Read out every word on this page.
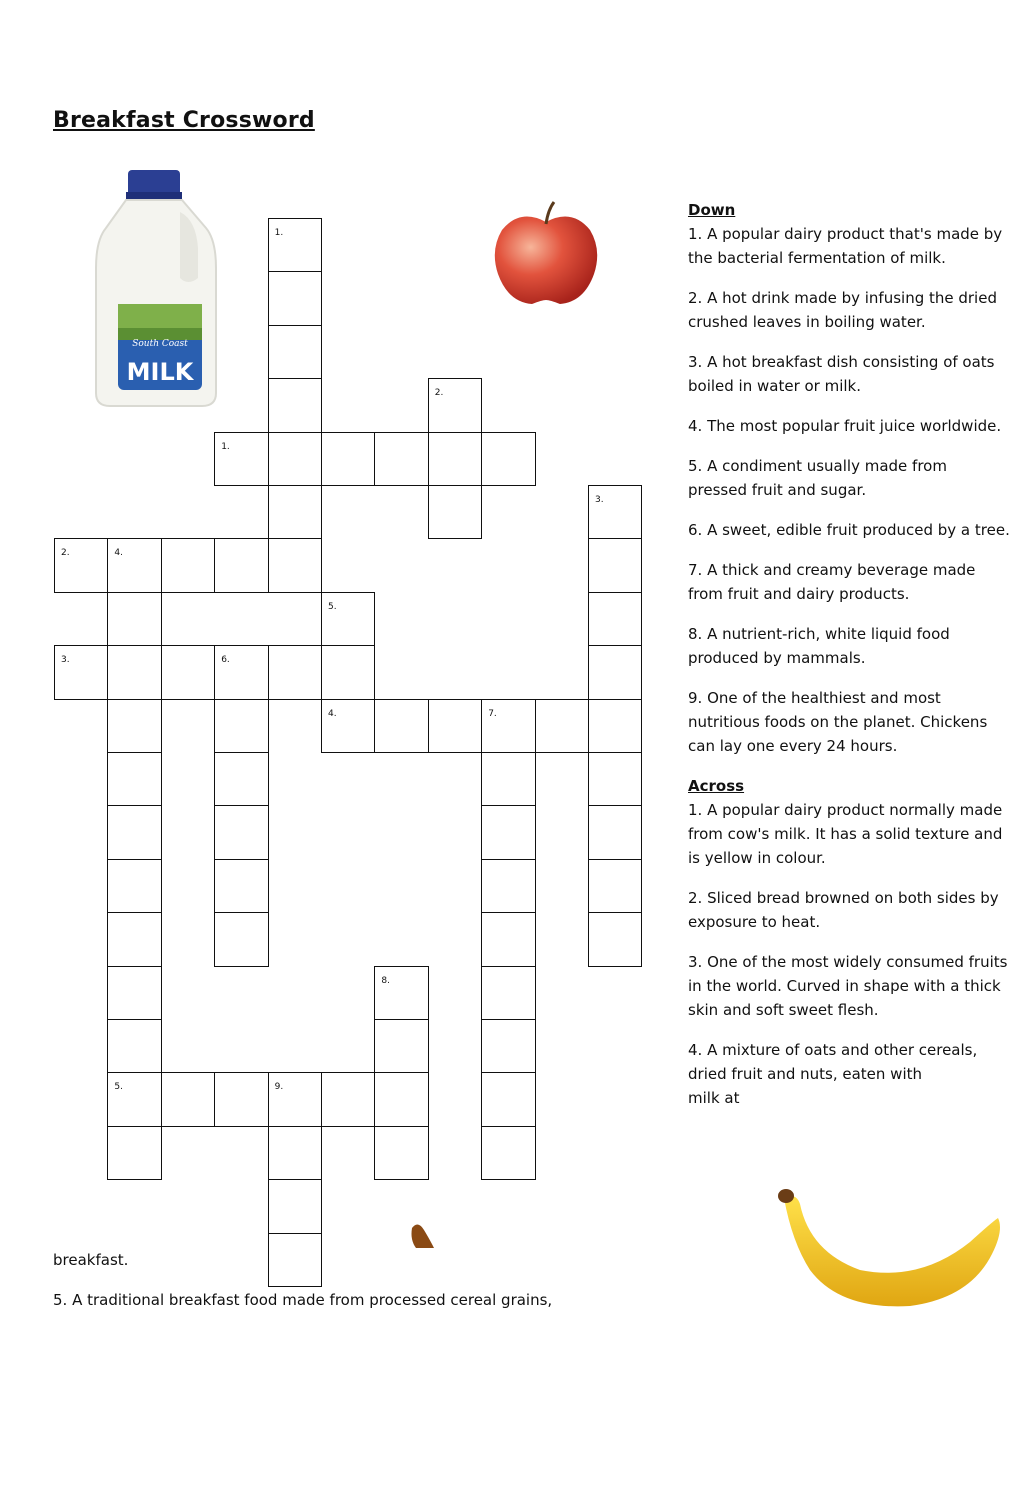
Breakfast Crossword
South Coast
MILK
1.
2.
3.
4.
5.
5.
4.
6.
7.
8.
9.
1.
2.
3.
Down

1. A popular dairy product that's made by the bacterial fermentation of milk.

2. A hot drink made by infusing the dried crushed leaves in boiling water.

3. A hot breakfast dish consisting of oats boiled in water or milk.

4. The most popular fruit juice worldwide.

5. A condiment usually made from pressed fruit and sugar.

6. A sweet, edible fruit produced by a tree.

7. A thick and creamy beverage made from fruit and dairy products.

8. A nutrient-rich, white liquid food produced by mammals.

9. One of the healthiest and most nutritious foods on the planet. Chickens can lay one every 24 hours.

Across

1. A popular dairy product normally made from cow's milk. It has a solid texture and is yellow in colour.

2. Sliced bread browned on both sides by exposure to heat.

3. One of the most widely consumed fruits in the world. Curved in shape with a thick skin and soft sweet flesh.

4. A mixture of oats and other cereals, dried fruit and nuts, eaten with

milk at

breakfast.
5. A traditional breakfast food made from processed cereal grains,
